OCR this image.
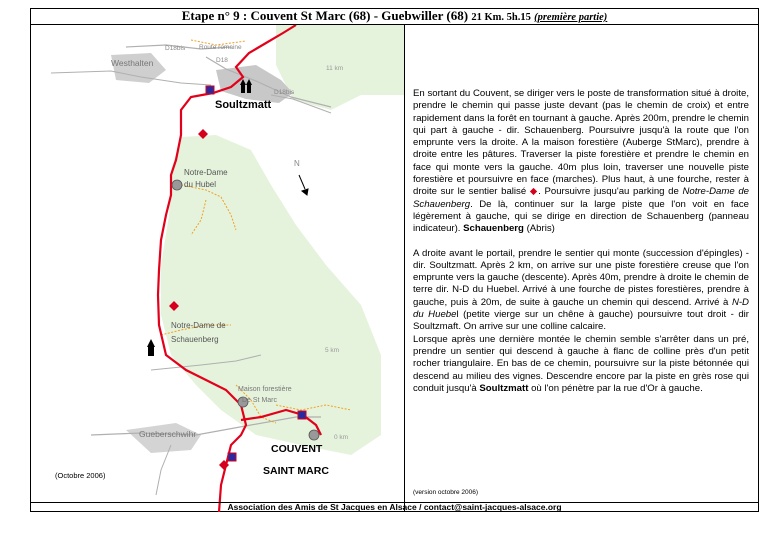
Etape n° 9 : Couvent St Marc (68) - Guebwiller (68) 21 Km. 5h.15 (première partie)
D18bis Route romaine
Westhalten	D18
11 km
D18bis
Soultzmatt
Notre-Dame
du Hubel
N
Notre-Dame de
Schauenberg
5 km
Maison forestière
De St Marc
Gueberschwihr	0 km
COUVENT
SAINT MARC
(Octobre 2006)

En sortant du Couvent, se diriger vers le poste de transformation situé à droite, prendre le chemin qui passe juste devant (pas le chemin de croix) et entre rapidement dans la forêt en tournant à gauche. Après 200m, prendre le chemin qui part à gauche - dir. Schauenberg. Poursuivre jusqu'à la route que l'on emprunte vers la droite. A la maison forestière (Auberge StMarc), prendre à droite entre les pâtures. Traverser la piste forestière et prendre le chemin en face qui monte vers la gauche. 40m plus loin, traverser une nouvelle piste forestière et poursuivre en face (marches). Plus haut, à une fourche, rester à droite sur le sentier balisé ◆. Poursuivre jusqu'au parking de Notre-Dame de Schauenberg. De là, continuer sur la large piste que l'on voit en face légèrement à gauche, qui se dirige en direction de Schauenberg (panneau indicateur). Schauenberg (Abris)

A droite avant le portail, prendre le sentier qui monte (succession d'épingles) - dir. Soultzmatt. Après 2 km, on arrive sur une piste forestière creuse que l'on emprunte vers la gauche (descente). Après 40m, prendre à droite le chemin de terre dir. N-D du Huebel. Arrivé à une fourche de pistes forestières, prendre à gauche, puis à 20m, de suite à gauche un chemin qui descend. Arrivé à N-D du Huebel (petite vierge sur un chêne à gauche) poursuivre tout droit - dir Soultzmaft. On arrive sur une colline calcaire.
Lorsque après une dernière montée le chemin semble s'arrêter dans un pré, prendre un sentier qui descend à gauche à flanc de colline près d'un petit rocher triangulaire. En bas de ce chemin, poursuivre sur la piste bétonnée qui descend au milieu des vignes. Descendre encore par la piste en grès rose qui conduit jusqu'à Soultzmatt où l'on pénètre par la rue d'Or à gauche.

(version octobre 2006)
Association des Amis de St Jacques en Alsace / contact@saint-jacques-alsace.org
